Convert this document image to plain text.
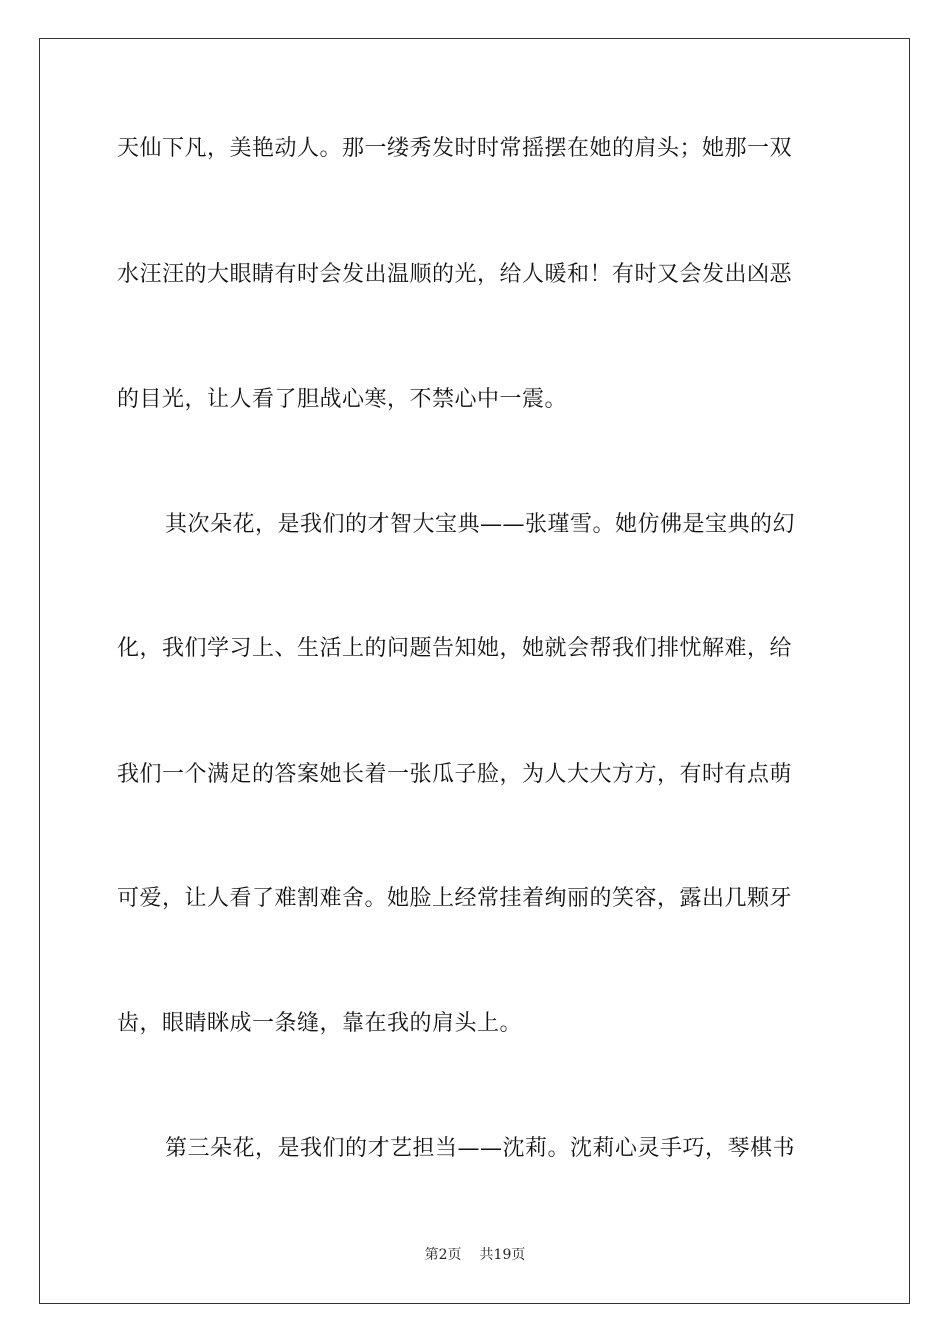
天仙下凡，美艳动人。那一缕秀发时时常摇摆在她的肩头；她那一双
水汪汪的大眼睛有时会发出温顺的光，给人暖和！有时又会发出凶恶
的目光，让人看了胆战心寒，不禁心中一震。
其次朵花，是我们的才智大宝典——张瑾雪。她仿佛是宝典的幻
化，我们学习上、生活上的问题告知她，她就会帮我们排忧解难，给
我们一个满足的答案她长着一张瓜子脸，为人大大方方，有时有点萌
可爱，让人看了难割难舍。她脸上经常挂着绚丽的笑容，露出几颗牙
齿，眼睛眯成一条缝，靠在我的肩头上。
第三朵花，是我们的才艺担当——沈莉。沈莉心灵手巧，琴棋书
第2页 共19页
